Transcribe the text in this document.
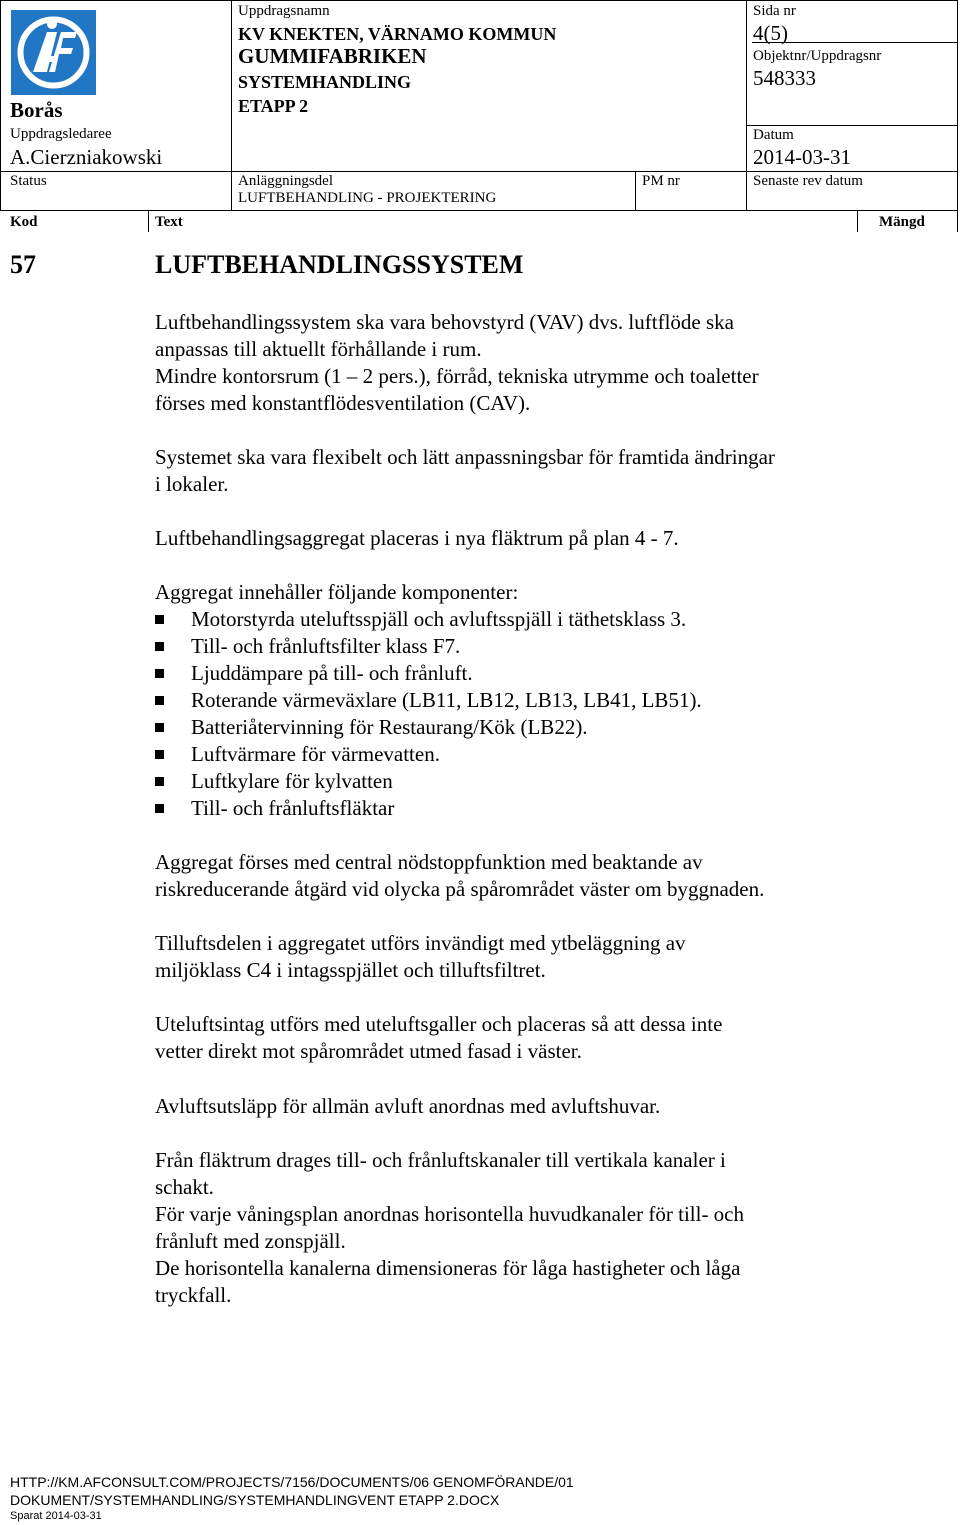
Borås
Uppdragsledaree
A.Cierzniakowski
Uppdragsnamn
KV KNEKTEN, VÄRNAMO KOMMUN
GUMMIFABRIKEN
SYSTEMHANDLING
ETAPP 2
Sida nr
4(5)
Objektnr/Uppdragsnr
548333
Datum
2014-03-31
Status	Anläggningsdel
LUFTBEHANDLING - PROJEKTERING
PM nr	Senaste rev datum
Kod	Text	Mängd
57	LUFTBEHANDLINGSSYSTEM
Luftbehandlingssystem ska vara behovstyrd (VAV) dvs. luftflöde ska
anpassas till aktuellt förhållande i rum.
Mindre kontorsrum (1 – 2 pers.), förråd, tekniska utrymme och toaletter
förses med konstantflödesventilation (CAV).
Systemet ska vara flexibelt och lätt anpassningsbar för framtida ändringar
i lokaler.
Luftbehandlingsaggregat placeras i nya fläktrum på plan 4 - 7.
Aggregat innehåller följande komponenter:
Motorstyrda uteluftsspjäll och avluftsspjäll i täthetsklass 3.
Till- och frånluftsfilter klass F7.
Ljuddämpare på till- och frånluft.
Roterande värmeväxlare (LB11, LB12, LB13, LB41, LB51).
Batteriåtervinning för Restaurang/Kök (LB22).
Luftvärmare för värmevatten.
Luftkylare för kylvatten
Till- och frånluftsfläktar
Aggregat förses med central nödstoppfunktion med beaktande av
riskreducerande åtgärd vid olycka på spårområdet väster om byggnaden.
Tilluftsdelen i aggregatet utförs invändigt med ytbeläggning av
miljöklass C4 i intagsspjället och tilluftsfiltret.
Uteluftsintag utförs med uteluftsgaller och placeras så att dessa inte
vetter direkt mot spårområdet utmed fasad i väster.
Avluftsutsläpp för allmän avluft anordnas med avluftshuvar.
Från fläktrum drages till- och frånluftskanaler till vertikala kanaler i
schakt.
För varje våningsplan anordnas horisontella huvudkanaler för till- och
frånluft med zonspjäll.
De horisontella kanalerna dimensioneras för låga hastigheter och låga
tryckfall.
HTTP://KM.AFCONSULT.COM/PROJECTS/7156/DOCUMENTS/06 GENOMFÖRANDE/01
DOKUMENT/SYSTEMHANDLING/SYSTEMHANDLINGVENT ETAPP 2.DOCX
Sparat 2014-03-31
